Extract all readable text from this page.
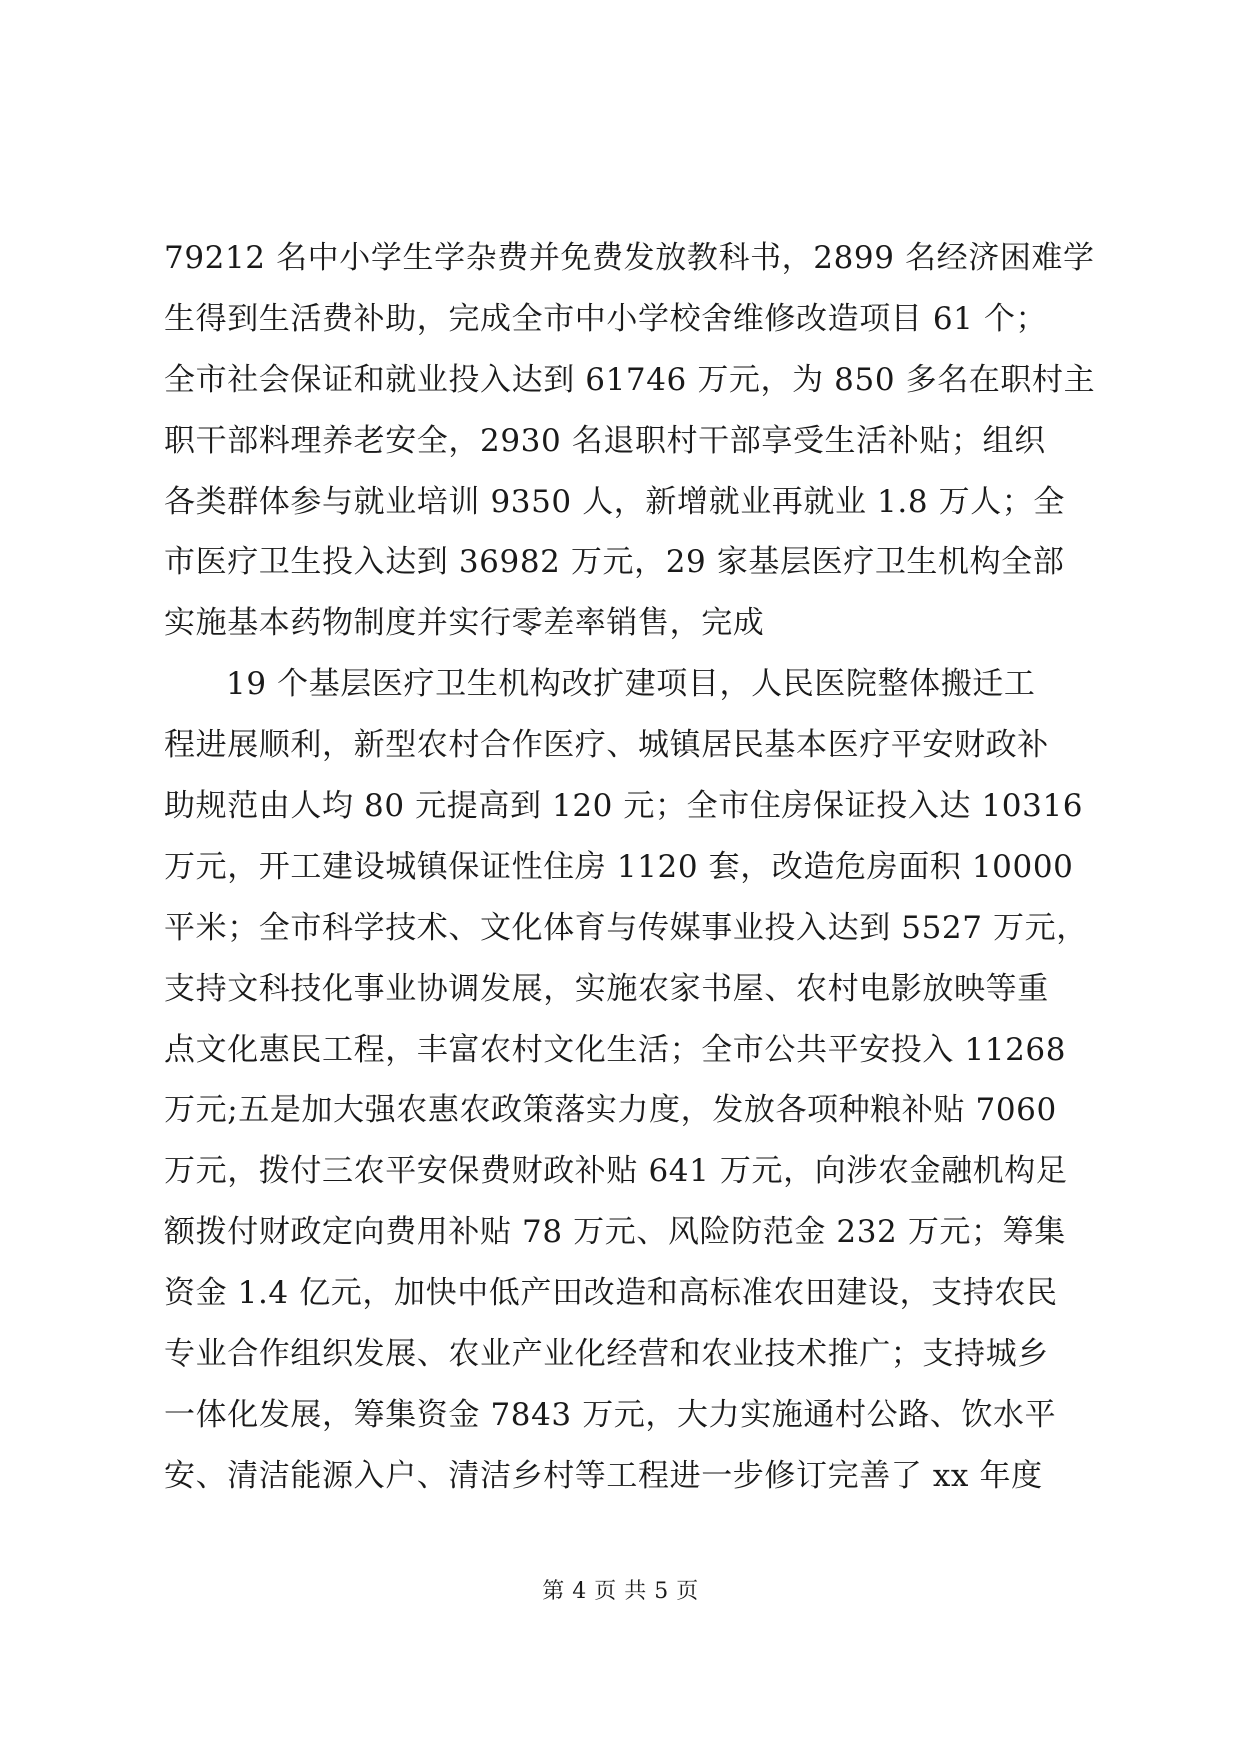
79212 名中小学生学杂费并免费发放教科书，2899 名经济困难学
生得到生活费补助，完成全市中小学校舍维修改造项目 61 个；
全市社会保证和就业投入达到 61746 万元，为 850 多名在职村主
职干部料理养老安全，2930 名退职村干部享受生活补贴；组织
各类群体参与就业培训 9350 人，新增就业再就业 1.8 万人；全
市医疗卫生投入达到 36982 万元，29 家基层医疗卫生机构全部
实施基本药物制度并实行零差率销售，完成
19 个基层医疗卫生机构改扩建项目，人民医院整体搬迁工
程进展顺利，新型农村合作医疗、城镇居民基本医疗平安财政补
助规范由人均 80 元提高到 120 元；全市住房保证投入达 10316
万元，开工建设城镇保证性住房 1120 套，改造危房面积 10000
平米；全市科学技术、文化体育与传媒事业投入达到 5527 万元，
支持文科技化事业协调发展，实施农家书屋、农村电影放映等重
点文化惠民工程，丰富农村文化生活；全市公共平安投入 11268
万元;五是加大强农惠农政策落实力度，发放各项种粮补贴 7060
万元，拨付三农平安保费财政补贴 641 万元，向涉农金融机构足
额拨付财政定向费用补贴 78 万元、风险防范金 232 万元；筹集
资金 1.4 亿元，加快中低产田改造和高标准农田建设，支持农民
专业合作组织发展、农业产业化经营和农业技术推广；支持城乡
一体化发展，筹集资金 7843 万元，大力实施通村公路、饮水平
安、清洁能源入户、清洁乡村等工程进一步修订完善了 xx 年度
第 4 页 共 5 页
